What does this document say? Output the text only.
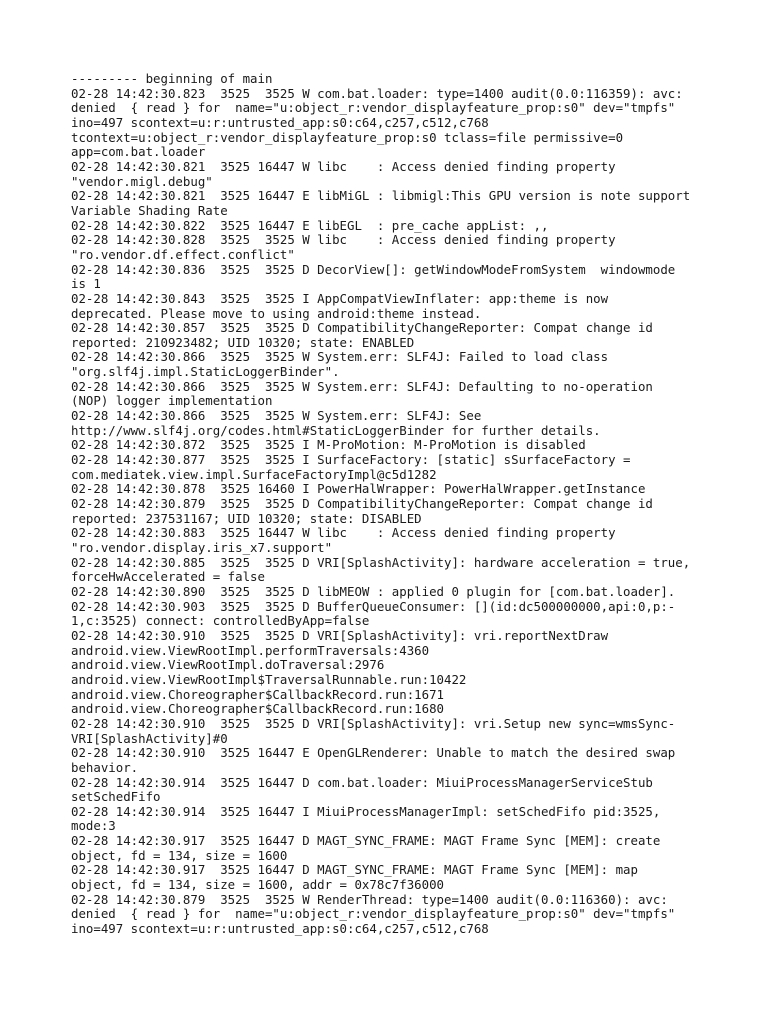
--------- beginning of main

02-28 14:42:30.823  3525  3525 W com.bat.loader: type=1400 audit(0.0:116359): avc:

denied  { read } for  name="u:object_r:vendor_displayfeature_prop:s0" dev="tmpfs"

ino=497 scontext=u:r:untrusted_app:s0:c64,c257,c512,c768

tcontext=u:object_r:vendor_displayfeature_prop:s0 tclass=file permissive=0

app=com.bat.loader

02-28 14:42:30.821  3525 16447 W libc    : Access denied finding property

"vendor.migl.debug"

02-28 14:42:30.821  3525 16447 E libMiGL : libmigl:This GPU version is note support

Variable Shading Rate

02-28 14:42:30.822  3525 16447 E libEGL  : pre_cache appList: ,,

02-28 14:42:30.828  3525  3525 W libc    : Access denied finding property

"ro.vendor.df.effect.conflict"

02-28 14:42:30.836  3525  3525 D DecorView[]: getWindowModeFromSystem  windowmode

is 1

02-28 14:42:30.843  3525  3525 I AppCompatViewInflater: app:theme is now

deprecated. Please move to using android:theme instead.

02-28 14:42:30.857  3525  3525 D CompatibilityChangeReporter: Compat change id

reported: 210923482; UID 10320; state: ENABLED

02-28 14:42:30.866  3525  3525 W System.err: SLF4J: Failed to load class

"org.slf4j.impl.StaticLoggerBinder".

02-28 14:42:30.866  3525  3525 W System.err: SLF4J: Defaulting to no-operation

(NOP) logger implementation

02-28 14:42:30.866  3525  3525 W System.err: SLF4J: See

http://www.slf4j.org/codes.html#StaticLoggerBinder for further details.

02-28 14:42:30.872  3525  3525 I M-ProMotion: M-ProMotion is disabled

02-28 14:42:30.877  3525  3525 I SurfaceFactory: [static] sSurfaceFactory =

com.mediatek.view.impl.SurfaceFactoryImpl@c5d1282

02-28 14:42:30.878  3525 16460 I PowerHalWrapper: PowerHalWrapper.getInstance

02-28 14:42:30.879  3525  3525 D CompatibilityChangeReporter: Compat change id

reported: 237531167; UID 10320; state: DISABLED

02-28 14:42:30.883  3525 16447 W libc    : Access denied finding property

"ro.vendor.display.iris_x7.support"

02-28 14:42:30.885  3525  3525 D VRI[SplashActivity]: hardware acceleration = true,

forceHwAccelerated = false

02-28 14:42:30.890  3525  3525 D libMEOW : applied 0 plugin for [com.bat.loader].

02-28 14:42:30.903  3525  3525 D BufferQueueConsumer: [](id:dc500000000,api:0,p:-

1,c:3525) connect: controlledByApp=false

02-28 14:42:30.910  3525  3525 D VRI[SplashActivity]: vri.reportNextDraw

android.view.ViewRootImpl.performTraversals:4360

android.view.ViewRootImpl.doTraversal:2976

android.view.ViewRootImpl$TraversalRunnable.run:10422

android.view.Choreographer$CallbackRecord.run:1671

android.view.Choreographer$CallbackRecord.run:1680

02-28 14:42:30.910  3525  3525 D VRI[SplashActivity]: vri.Setup new sync=wmsSync-

VRI[SplashActivity]#0

02-28 14:42:30.910  3525 16447 E OpenGLRenderer: Unable to match the desired swap

behavior.

02-28 14:42:30.914  3525 16447 D com.bat.loader: MiuiProcessManagerServiceStub

setSchedFifo

02-28 14:42:30.914  3525 16447 I MiuiProcessManagerImpl: setSchedFifo pid:3525,

mode:3

02-28 14:42:30.917  3525 16447 D MAGT_SYNC_FRAME: MAGT Frame Sync [MEM]: create

object, fd = 134, size = 1600

02-28 14:42:30.917  3525 16447 D MAGT_SYNC_FRAME: MAGT Frame Sync [MEM]: map

object, fd = 134, size = 1600, addr = 0x78c7f36000

02-28 14:42:30.879  3525  3525 W RenderThread: type=1400 audit(0.0:116360): avc:

denied  { read } for  name="u:object_r:vendor_displayfeature_prop:s0" dev="tmpfs"

ino=497 scontext=u:r:untrusted_app:s0:c64,c257,c512,c768
